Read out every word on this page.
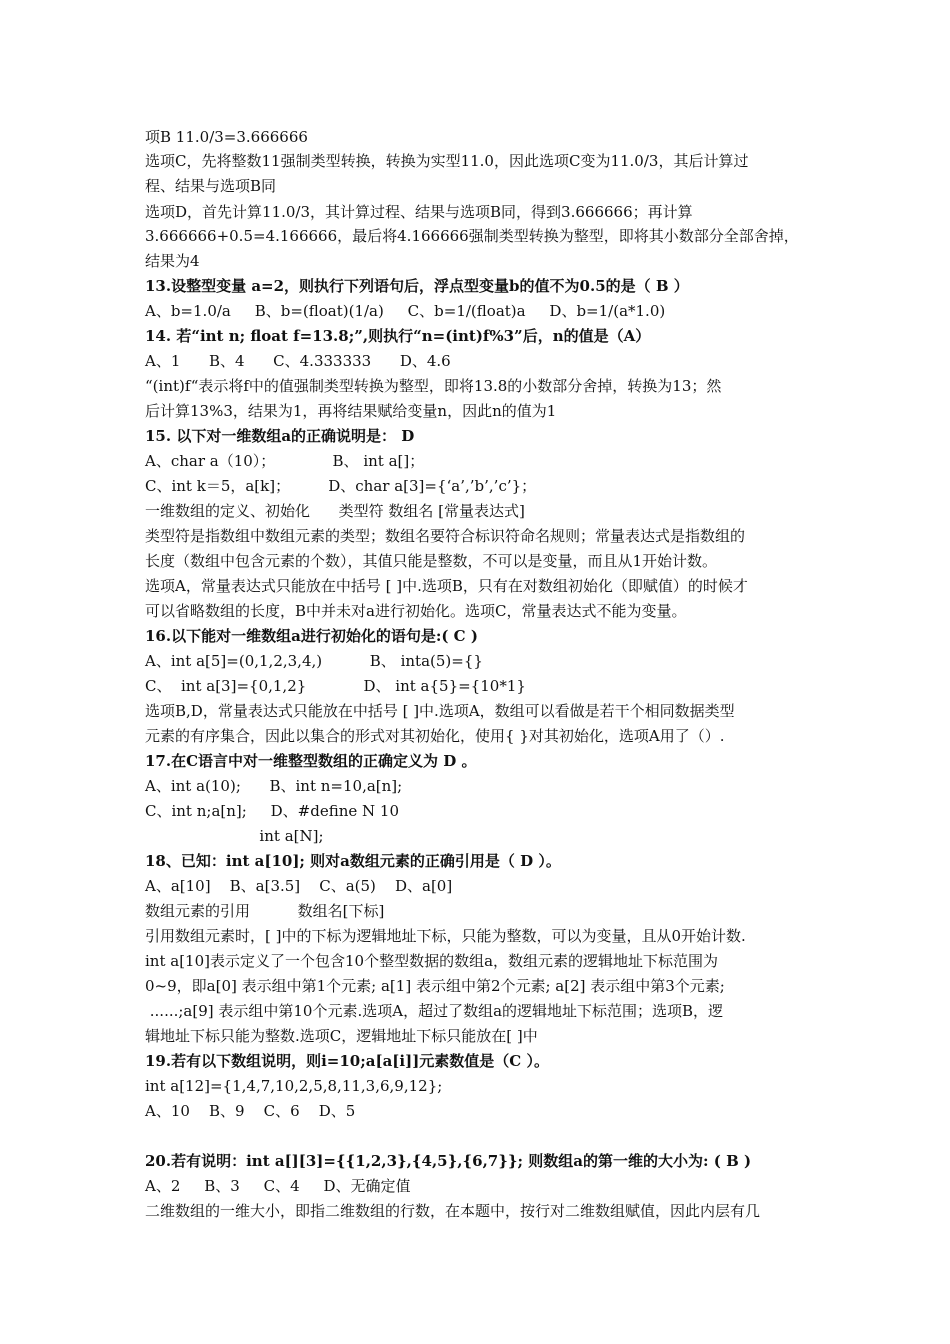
项B 11.0/3=3.666666
选项C，先将整数11强制类型转换，转换为实型11.0，因此选项C变为11.0/3，其后计算过
程、结果与选项B同
选项D，首先计算11.0/3，其计算过程、结果与选项B同，得到3.666666；再计算
3.666666+0.5=4.166666，最后将4.166666强制类型转换为整型，即将其小数部分全部舍掉，
结果为4
13.设整型变量 a=2，则执行下列语句后，浮点型变量b的值不为0.5的是（ B ）
A、b=1.0/a     B、b=(float)(1/a)     C、b=1/(float)a     D、b=1/(a*1.0)
14. 若“int n; float f=13.8;”,则执行“n=(int)f%3”后，n的值是（A）
A、1      B、4      C、4.333333      D、4.6
“(int)f“表示将f中的值强制类型转换为整型，即将13.8的小数部分舍掉，转换为13；然
后计算13%3，结果为1，再将结果赋给变量n，因此n的值为1
15. 以下对一维数组a的正确说明是： D
A、char a（10）；            B、 int a[]；
C、int k＝5，a[k]；        D、char a[3]={‘a’,’b’,’c’}；
一维数组的定义、初始化      类型符 数组名 [常量表达式]
类型符是指数组中数组元素的类型；数组名要符合标识符命名规则；常量表达式是指数组的
长度（数组中包含元素的个数），其值只能是整数，不可以是变量，而且从1开始计数。
选项A，常量表达式只能放在中括号 [ ]中.选项B，只有在对数组初始化（即赋值）的时候才
可以省略数组的长度，B中并未对a进行初始化。选项C，常量表达式不能为变量。
16.以下能对一维数组a进行初始化的语句是:( C )
A、int a[5]=(0,1,2,3,4,)          B、 inta(5)={}
C、  int a[3]={0,1,2}            D、 int a{5}={10*1}
选项B,D，常量表达式只能放在中括号 [ ]中.选项A，数组可以看做是若干个相同数据类型
元素的有序集合，因此以集合的形式对其初始化，使用{ }对其初始化，选项A用了（）.
17.在C语言中对一维整型数组的正确定义为 D 。
A、int a(10);      B、int n=10,a[n];
C、int n;a[n];     D、#define N 10
int a[N];
18、已知：int a[10]; 则对a数组元素的正确引用是（ D ）。
A、a[10]    B、a[3.5]    C、a(5)    D、a[0]
数组元素的引用          数组名[下标]
引用数组元素时，[ ]中的下标为逻辑地址下标，只能为整数，可以为变量，且从0开始计数.
int a[10]表示定义了一个包含10个整型数据的数组a，数组元素的逻辑地址下标范围为
0~9，即a[0] 表示组中第1个元素; a[1] 表示组中第2个元素; a[2] 表示组中第3个元素;
......;a[9] 表示组中第10个元素.选项A，超过了数组a的逻辑地址下标范围；选项B，逻
辑地址下标只能为整数.选项C，逻辑地址下标只能放在[ ]中
19.若有以下数组说明，则i=10;a[a[i]]元素数值是（C ）。
int a[12]={1,4,7,10,2,5,8,11,3,6,9,12};
A、10    B、9    C、6    D、5
20.若有说明：int a[][3]={{1,2,3},{4,5},{6,7}}; 则数组a的第一维的大小为: ( B )
A、2     B、3     C、4     D、无确定值
二维数组的一维大小，即指二维数组的行数，在本题中，按行对二维数组赋值，因此内层有几
